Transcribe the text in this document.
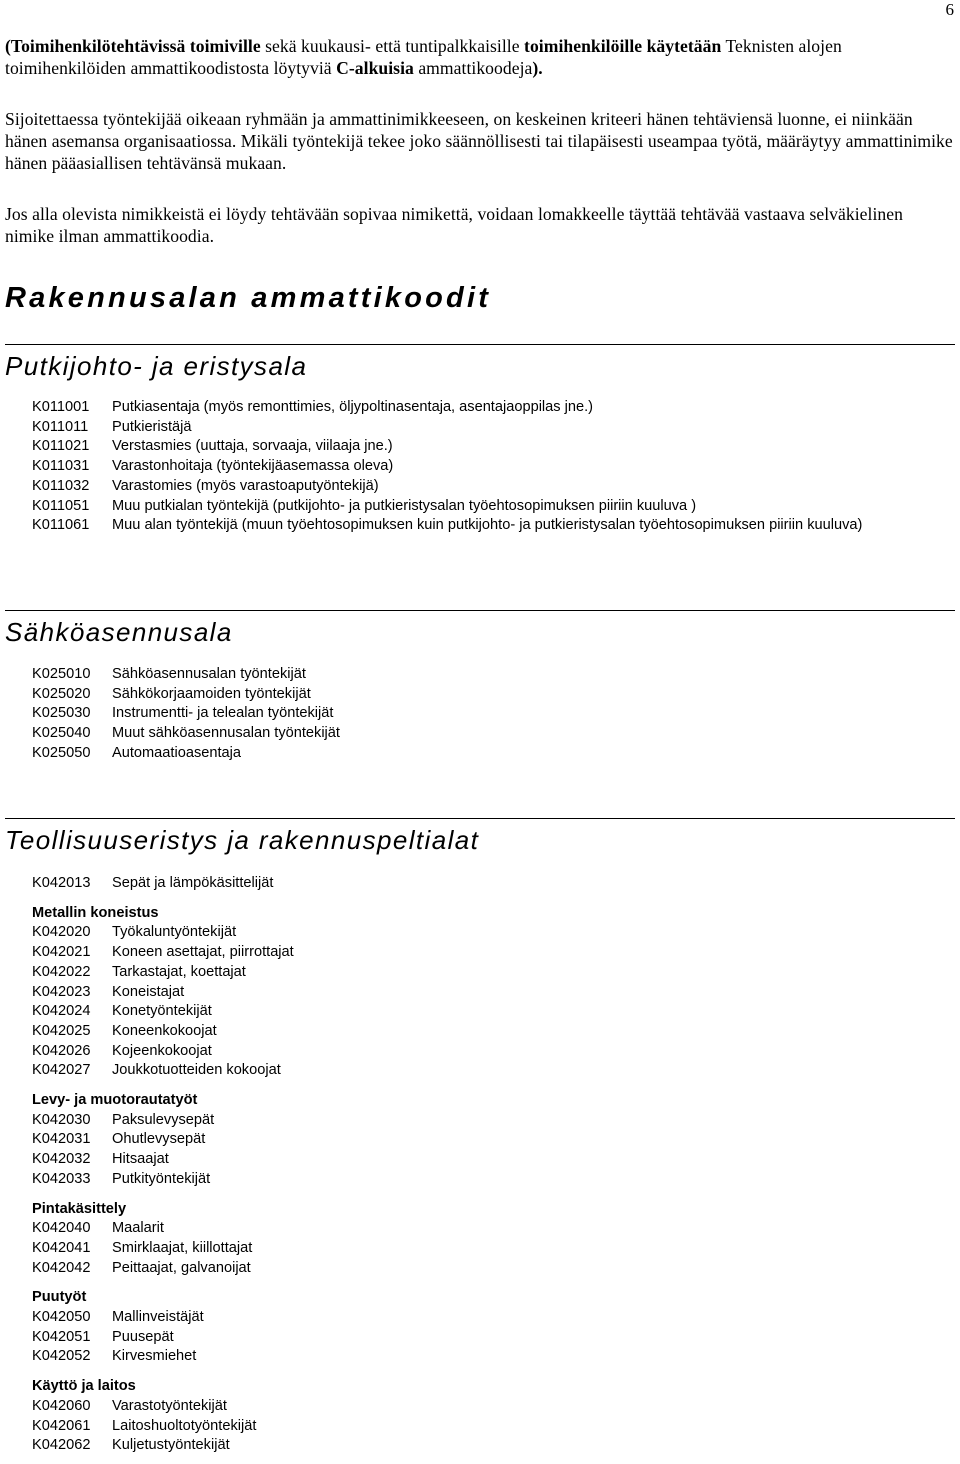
6

(Toimihenkilötehtävissä toimiville sekä kuukausi- että tuntipalkkaisille toimihenkilöille käytetään Teknisten alojen toimihenkilöiden ammattikoodistosta löytyviä C-alkuisia ammattikoodeja).

Sijoitettaessa työntekijää oikeaan ryhmään ja ammattinimikkeeseen, on keskeinen kriteeri hänen tehtäviensä luonne, ei niinkään hänen asemansa organisaatiossa. Mikäli työntekijä tekee joko säännöllisesti tai tilapäisesti useampaa työtä, määräytyy ammattinimike hänen pääasiallisen tehtävänsä mukaan.

Jos alla olevista nimikkeistä ei löydy tehtävään sopivaa nimikettä, voidaan lomakkeelle täyttää tehtävää vastaava selväkielinen nimike ilman ammattikoodia.

Rakennusalan ammattikoodit
Putkijohto- ja eristysala
K011001	Putkiasentaja (myös remonttimies, öljypoltinasentaja, asentajaoppilas jne.)
K011011	Putkieristäjä
K011021	Verstasmies (uuttaja, sorvaaja, viilaaja jne.)
K011031	Varastonhoitaja (työntekijäasemassa oleva)
K011032	Varastomies (myös varastoaputyöntekijä)
K011051	Muu putkialan työntekijä (putkijohto- ja putkieristysalan työehtosopimuksen piiriin kuuluva )
K011061	Muu alan työntekijä (muun työehtosopimuksen kuin putkijohto- ja putkieristysalan työehtosopimuksen piiriin kuuluva)
Sähköasennusala
K025010	Sähköasennusalan työntekijät
K025020	Sähkökorjaamoiden työntekijät
K025030	Instrumentti- ja telealan työntekijät
K025040	Muut sähköasennusalan työntekijät
K025050	Automaatioasentaja
Teollisuuseristys ja rakennuspeltialat
K042013	Sepät ja lämpökäsittelijät
Metallin koneistus
K042020	Työkaluntyöntekijät
K042021	Koneen asettajat, piirrottajat
K042022	Tarkastajat, koettajat
K042023	Koneistajat
K042024	Konetyöntekijät
K042025	Koneenkokoojat
K042026	Kojeenkokoojat
K042027	Joukkotuotteiden kokoojat
Levy- ja muotorautatyöt
K042030	Paksulevysepät
K042031	Ohutlevysepät
K042032	Hitsaajat
K042033	Putkityöntekijät
Pintakäsittely
K042040	Maalarit
K042041	Smirklaajat, kiillottajat
K042042	Peittaajat, galvanoijat
Puutyöt
K042050	Mallinveistäjät
K042051	Puusepät
K042052	Kirvesmiehet
Käyttö ja laitos
K042060	Varastotyöntekijät
K042061	Laitoshuoltotyöntekijät
K042062	Kuljetustyöntekijät
